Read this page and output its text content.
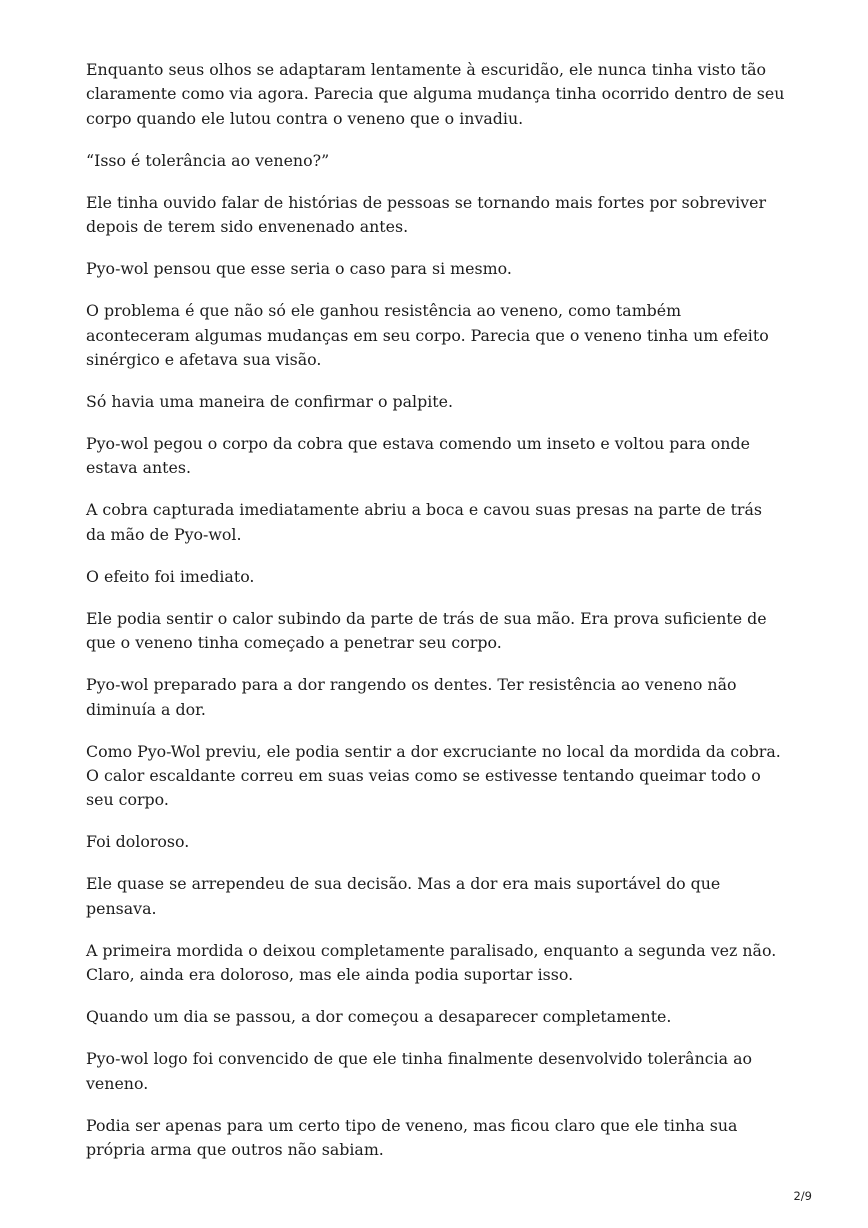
Enquanto seus olhos se adaptaram lentamente à escuridão, ele nunca tinha visto tão claramente como via agora. Parecia que alguma mudança tinha ocorrido dentro de seu corpo quando ele lutou contra o veneno que o invadiu.

“Isso é tolerância ao veneno?”

Ele tinha ouvido falar de histórias de pessoas se tornando mais fortes por sobreviver depois de terem sido envenenado antes.

Pyo-wol pensou que esse seria o caso para si mesmo.

O problema é que não só ele ganhou resistência ao veneno, como também aconteceram algumas mudanças em seu corpo. Parecia que o veneno tinha um efeito sinérgico e afetava sua visão.

Só havia uma maneira de confirmar o palpite.

Pyo-wol pegou o corpo da cobra que estava comendo um inseto e voltou para onde estava antes.

A cobra capturada imediatamente abriu a boca e cavou suas presas na parte de trás da mão de Pyo-wol.

O efeito foi imediato.

Ele podia sentir o calor subindo da parte de trás de sua mão. Era prova suficiente de que o veneno tinha começado a penetrar seu corpo.

Pyo-wol preparado para a dor rangendo os dentes. Ter resistência ao veneno não diminuía a dor.

Como Pyo-Wol previu, ele podia sentir a dor excruciante no local da mordida da cobra. O calor escaldante correu em suas veias como se estivesse tentando queimar todo o seu corpo.

Foi doloroso.

Ele quase se arrependeu de sua decisão. Mas a dor era mais suportável do que pensava.

A primeira mordida o deixou completamente paralisado, enquanto a segunda vez não. Claro, ainda era doloroso, mas ele ainda podia suportar isso.

Quando um dia se passou, a dor começou a desaparecer completamente.

Pyo-wol logo foi convencido de que ele tinha finalmente desenvolvido tolerância ao veneno.

Podia ser apenas para um certo tipo de veneno, mas ficou claro que ele tinha sua própria arma que outros não sabiam.

2/9
